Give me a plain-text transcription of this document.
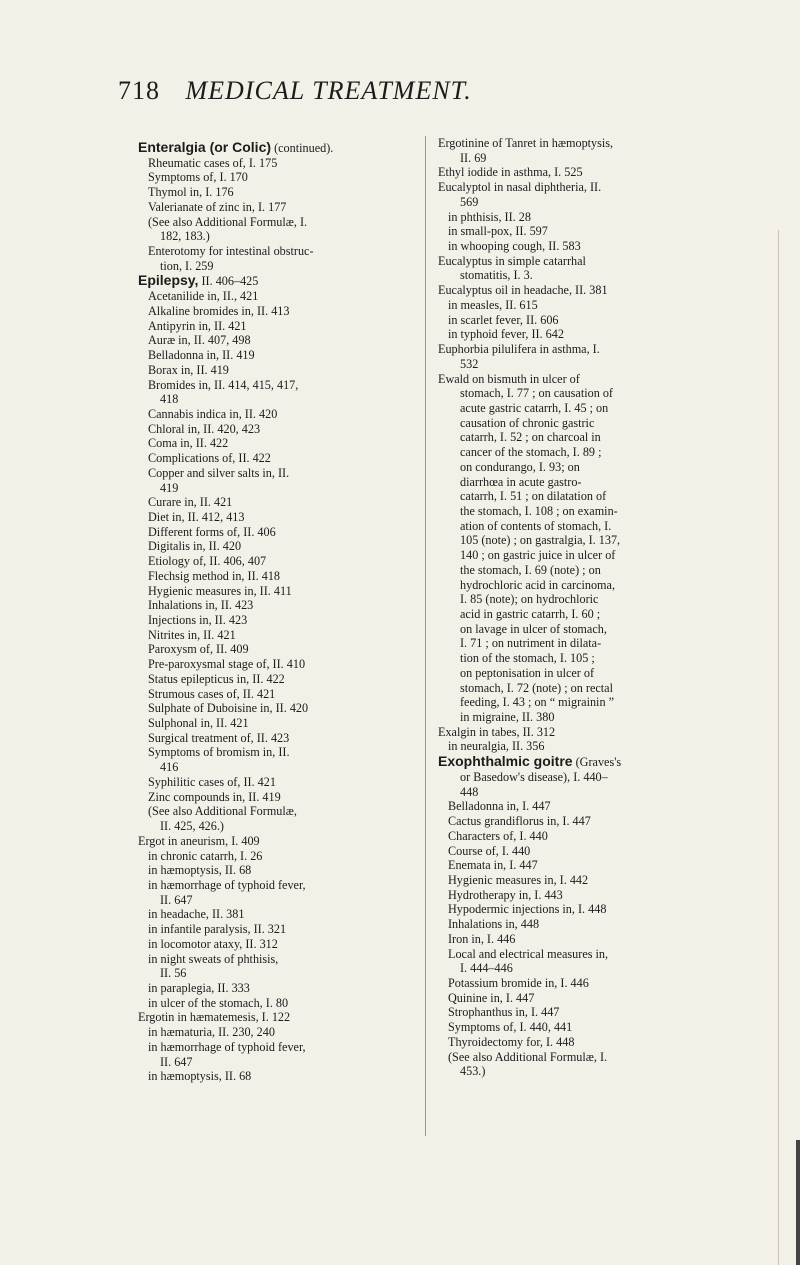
718 MEDICAL TREATMENT.
Enteralgia (or Colic) (continued).
Rheumatic cases of, I. 175
Symptoms of, I. 170
Thymol in, I. 176
Valerianate of zinc in, I. 177
(See also Additional Formulæ, I.
182, 183.)
Enterotomy for intestinal obstruc-
tion, I. 259
Epilepsy, II. 406–425
Acetanilide in, II., 421
Alkaline bromides in, II. 413
Antipyrin in, II. 421
Auræ in, II. 407, 498
Belladonna in, II. 419
Borax in, II. 419
Bromides in, II. 414, 415, 417,
418
Cannabis indica in, II. 420
Chloral in, II. 420, 423
Coma in, II. 422
Complications of, II. 422
Copper and silver salts in, II.
419
Curare in, II. 421
Diet in, II. 412, 413
Different forms of, II. 406
Digitalis in, II. 420
Etiology of, II. 406, 407
Flechsig method in, II. 418
Hygienic measures in, II. 411
Inhalations in, II. 423
Injections in, II. 423
Nitrites in, II. 421
Paroxysm of, II. 409
Pre-paroxysmal stage of, II. 410
Status epilepticus in, II. 422
Strumous cases of, II. 421
Sulphate of Duboisine in, II. 420
Sulphonal in, II. 421
Surgical treatment of, II. 423
Symptoms of bromism in, II.
416
Syphilitic cases of, II. 421
Zinc compounds in, II. 419
(See also Additional Formulæ,
II. 425, 426.)
Ergot in aneurism, I. 409
in chronic catarrh, I. 26
in hæmoptysis, II. 68
in hæmorrhage of typhoid fever,
II. 647
in headache, II. 381
in infantile paralysis, II. 321
in locomotor ataxy, II. 312
in night sweats of phthisis,
II. 56
in paraplegia, II. 333
in ulcer of the stomach, I. 80
Ergotin in hæmatemesis, I. 122
in hæmaturia, II. 230, 240
in hæmorrhage of typhoid fever,
II. 647
in hæmoptysis, II. 68
Ergotinine of Tanret in hæmoptysis,
II. 69
Ethyl iodide in asthma, I. 525
Eucalyptol in nasal diphtheria, II.
569
in phthisis, II. 28
in small-pox, II. 597
in whooping cough, II. 583
Eucalyptus in simple catarrhal
stomatitis, I. 3.
Eucalyptus oil in headache, II. 381
in measles, II. 615
in scarlet fever, II. 606
in typhoid fever, II. 642
Euphorbia pilulifera in asthma, I.
532
Ewald on bismuth in ulcer of
stomach, I. 77 ; on causation of
acute gastric catarrh, I. 45 ; on
causation of chronic gastric
catarrh, I. 52 ; on charcoal in
cancer of the stomach, I. 89 ;
on condurango, I. 93; on
diarrhœa in acute gastro-
catarrh, I. 51 ; on dilatation of
the stomach, I. 108 ; on examin-
ation of contents of stomach, I.
105 (note) ; on gastralgia, I. 137,
140 ; on gastric juice in ulcer of
the stomach, I. 69 (note) ; on
hydrochloric acid in carcinoma,
I. 85 (note); on hydrochloric
acid in gastric catarrh, I. 60 ;
on lavage in ulcer of stomach,
I. 71 ; on nutriment in dilata-
tion of the stomach, I. 105 ;
on peptonisation in ulcer of
stomach, I. 72 (note) ; on rectal
feeding, I. 43 ; on “ migrainin ”
in migraine, II. 380
Exalgin in tabes, II. 312
in neuralgia, II. 356
Exophthalmic goitre (Graves's
or Basedow's disease), I. 440–
448
Belladonna in, I. 447
Cactus grandiflorus in, I. 447
Characters of, I. 440
Course of, I. 440
Enemata in, I. 447
Hygienic measures in, I. 442
Hydrotherapy in, I. 443
Hypodermic injections in, I. 448
Inhalations in, 448
Iron in, I. 446
Local and electrical measures in,
I. 444–446
Potassium bromide in, I. 446
Quinine in, I. 447
Strophanthus in, I. 447
Symptoms of, I. 440, 441
Thyroidectomy for, I. 448
(See also Additional Formulæ, I.
453.)
